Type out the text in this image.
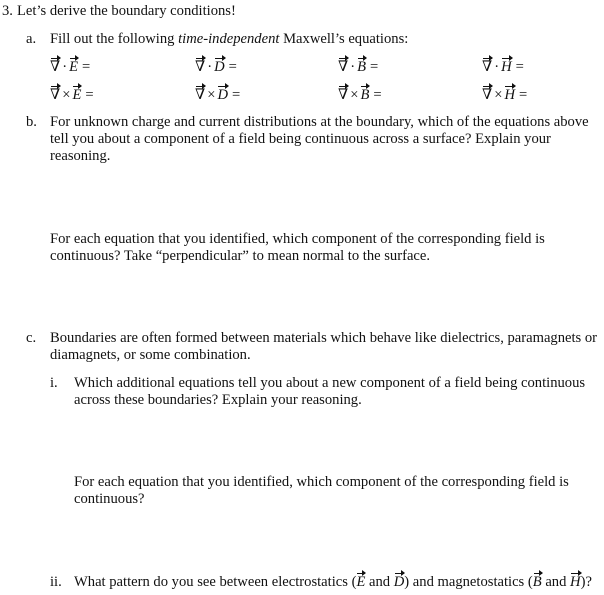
3. Let’s derive the boundary conditions!
a. Fill out the following time-independent Maxwell’s equations:
∇ · E =	∇ · D =	∇ · B =	∇ · H =
∇ × E =	∇ × D =	∇ × B =	∇ × H =
b. For unknown charge and current distributions at the boundary, which of the equations above
tell you about a component of a field being continuous across a surface? Explain your
reasoning.
For each equation that you identified, which component of the corresponding field is
continuous? Take “perpendicular” to mean normal to the surface.
c. Boundaries are often formed between materials which behave like dielectrics, paramagnets or
diamagnets, or some combination.
i. Which additional equations tell you about a new component of a field being continuous
across these boundaries? Explain your reasoning.
For each equation that you identified, which component of the corresponding field is
continuous?
ii. What pattern do you see between electrostatics (E and D) and magnetostatics (B and H)?
